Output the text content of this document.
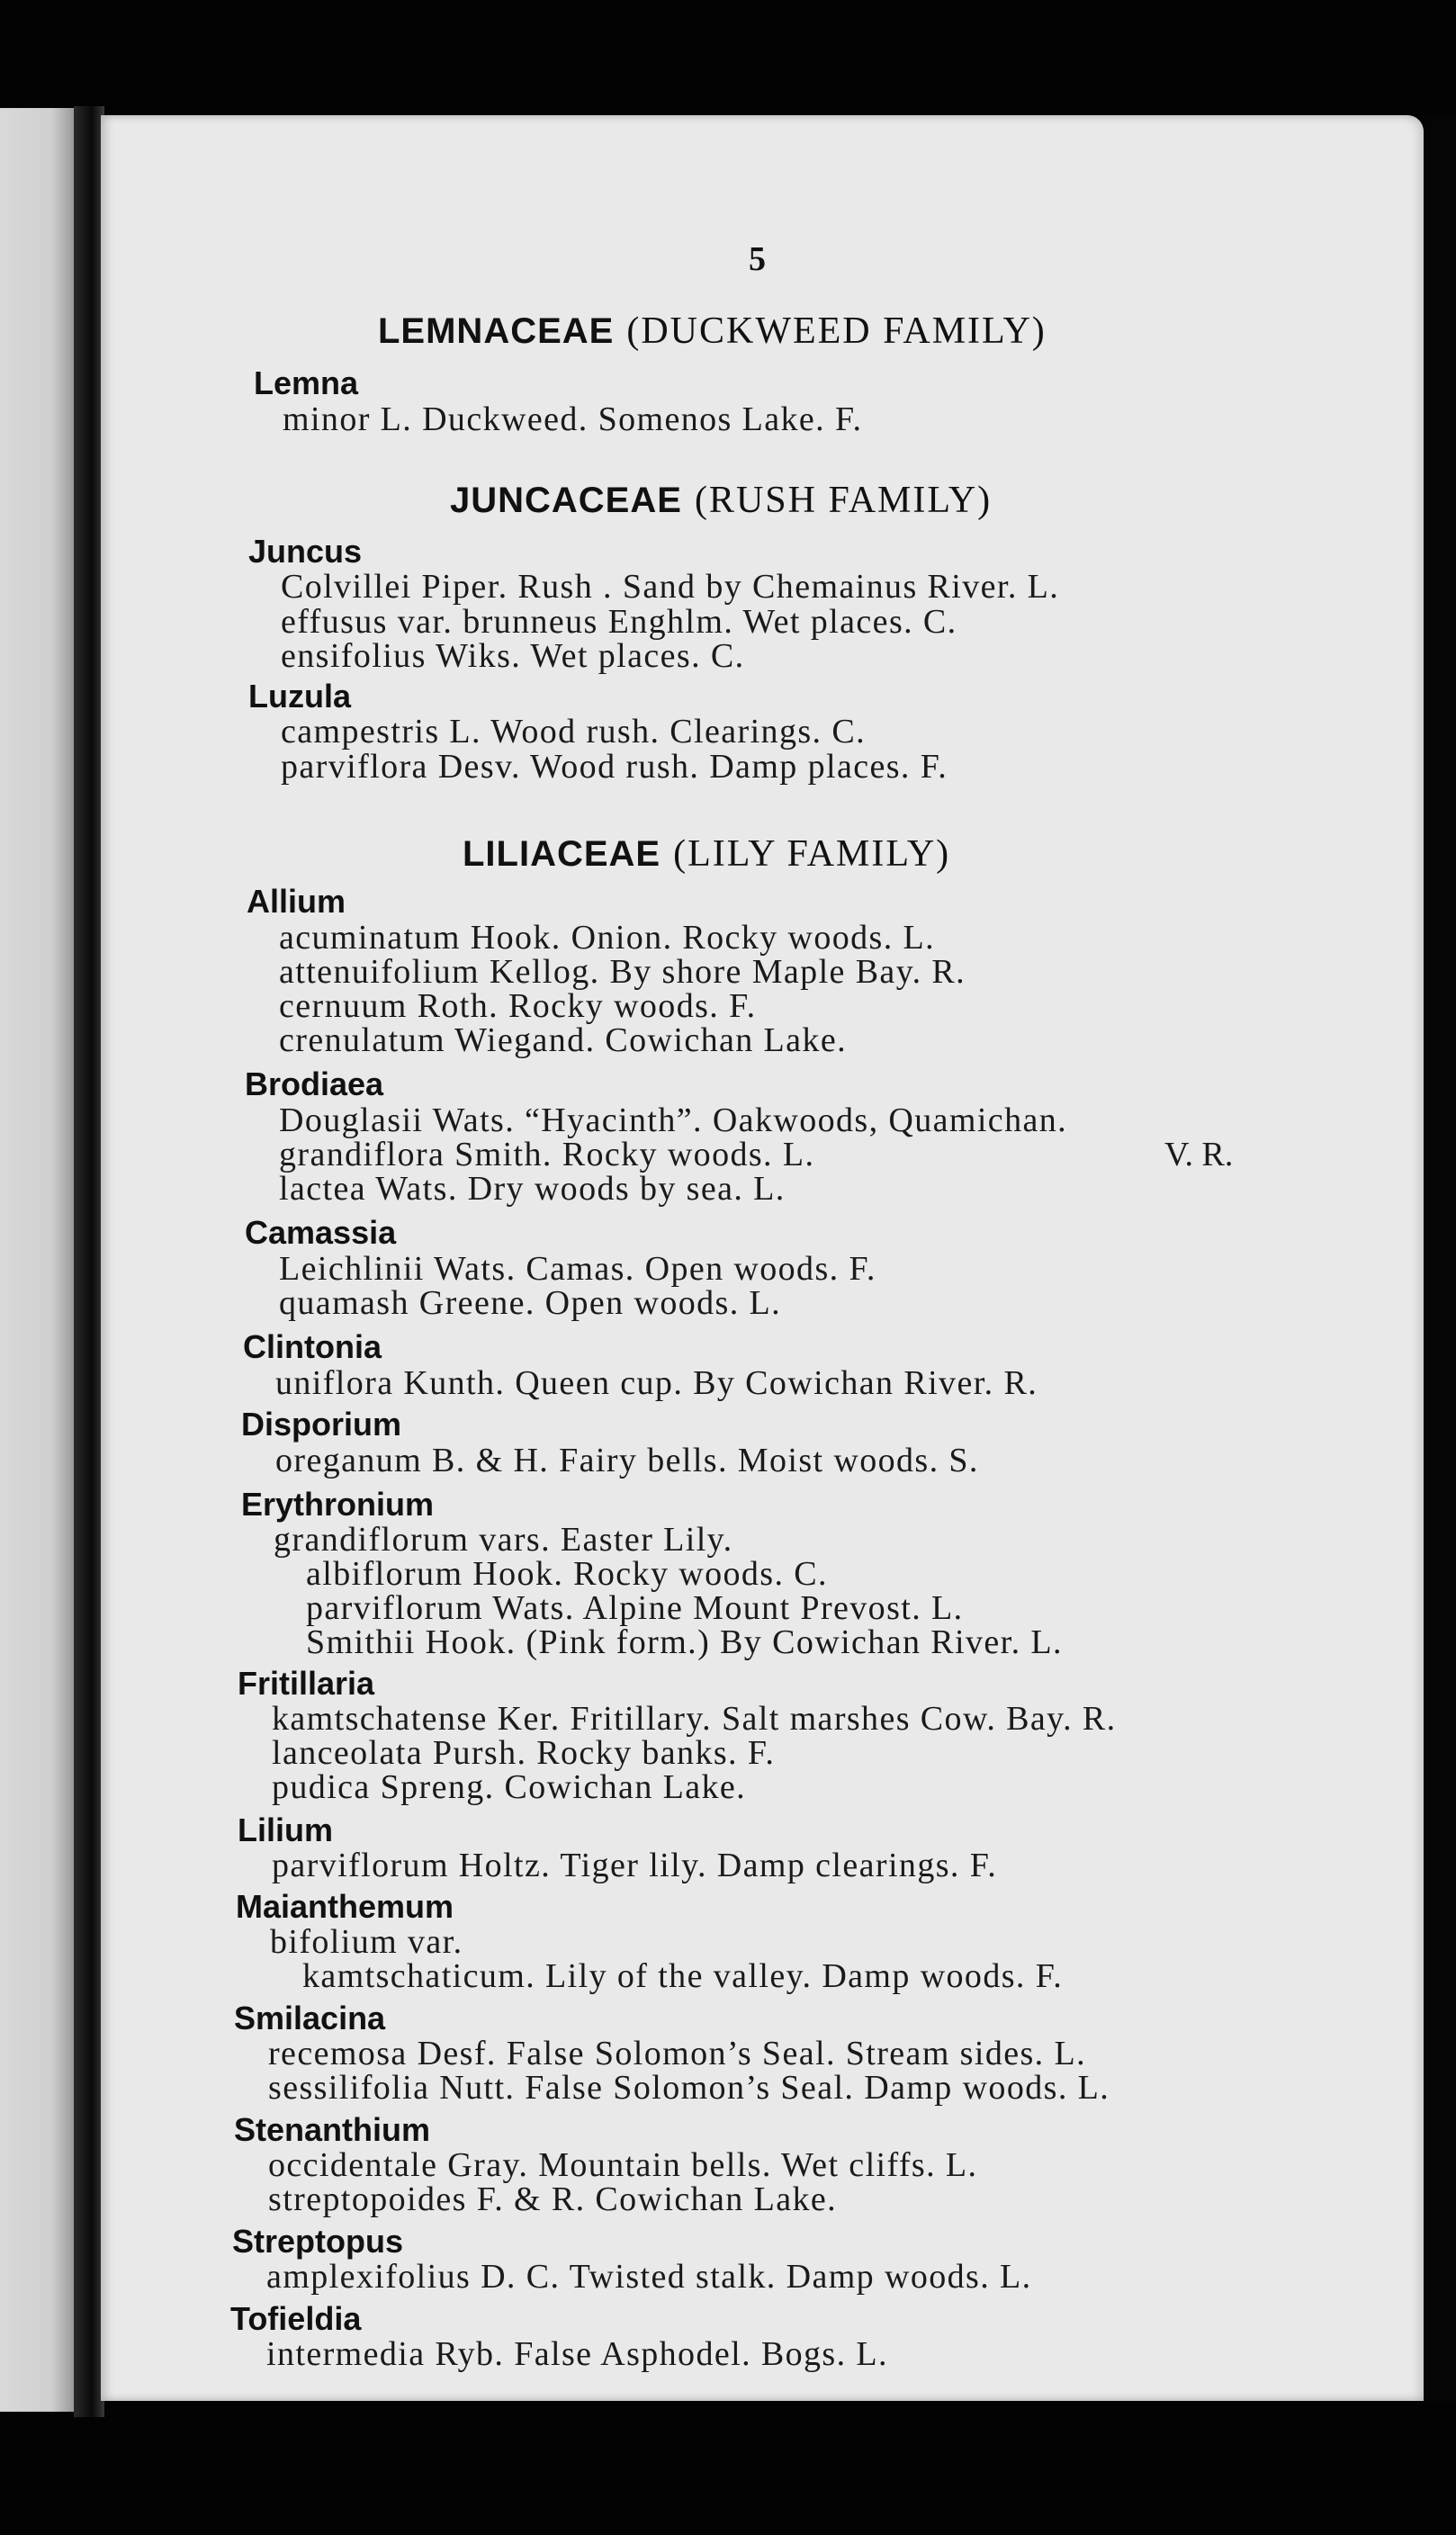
5
LEMNACEAE (DUCKWEED FAMILY)
Lemna
minor L. Duckweed. Somenos Lake. F.
JUNCACEAE (RUSH FAMILY)
Juncus
Colvillei Piper. Rush . Sand by Chemainus River. L.
effusus var. brunneus Enghlm. Wet places. C.
ensifolius Wiks. Wet places. C.
Luzula
campestris L. Wood rush. Clearings. C.
parviflora Desv. Wood rush. Damp places. F.
LILIACEAE (LILY FAMILY)
Allium
acuminatum Hook. Onion. Rocky woods. L.
attenuifolium Kellog. By shore Maple Bay. R.
cernuum Roth. Rocky woods. F.
crenulatum Wiegand. Cowichan Lake.
Brodiaea
Douglasii Wats. “Hyacinth”. Oakwoods, Quamichan.
grandiflora Smith. Rocky woods. L.	V. R.
lactea Wats. Dry woods by sea. L.
Camassia
Leichlinii Wats. Camas. Open woods. F.
quamash Greene. Open woods. L.
Clintonia
uniflora Kunth. Queen cup. By Cowichan River. R.
Disporium
oreganum B. & H. Fairy bells. Moist woods. S.
Erythronium
grandiflorum vars. Easter Lily.
albiflorum Hook. Rocky woods. C.
parviflorum Wats. Alpine Mount Prevost. L.
Smithii Hook. (Pink form.) By Cowichan River. L.
Fritillaria
kamtschatense Ker. Fritillary. Salt marshes Cow. Bay. R.
lanceolata Pursh. Rocky banks. F.
pudica Spreng. Cowichan Lake.
Lilium
parviflorum Holtz. Tiger lily. Damp clearings. F.
Maianthemum
bifolium var.
kamtschaticum. Lily of the valley. Damp woods. F.
Smilacina
recemosa Desf. False Solomon’s Seal. Stream sides. L.
sessilifolia Nutt. False Solomon’s Seal. Damp woods. L.
Stenanthium
occidentale Gray. Mountain bells. Wet cliffs. L.
streptopoides F. & R. Cowichan Lake.
Streptopus
amplexifolius D. C. Twisted stalk. Damp woods. L.
Tofieldia
intermedia Ryb. False Asphodel. Bogs. L.
